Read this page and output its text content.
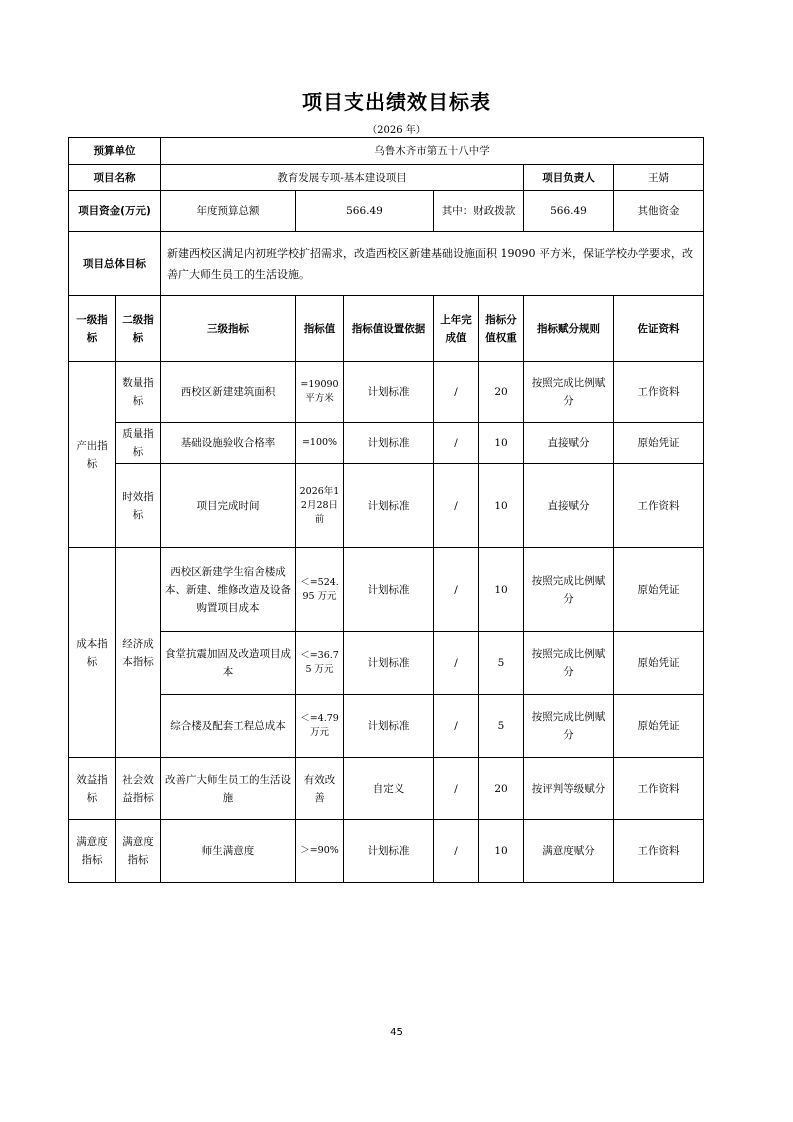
项目支出绩效目标表
（2026 年）
预算单位		乌鲁木齐市第五十八中学						
项目名称		教育发展专项-基本建设项目					项目负责人	王婧
项目资金(万元)		年度预算总额	566.49		其中：财政拨款		566.49	其他资金
项目总体目标		新建西校区满足内初班学校扩招需求，改造西校区新建基础设施面积 19090 平方米，保证学校办学要求，改善广大师生员工的生活设施。						
一级指标	二级指标	三级指标	指标值	指标值设置依据	上年完成值	指标分值权重	指标赋分规则	佐证资料
产出指标	数量指标	西校区新建建筑面积	=19090 平方米	计划标准	/	20	按照完成比例赋分	工作资料
	质量指标	基础设施验收合格率	=100%	计划标准	/	10	直接赋分	原始凭证
	时效指标	项目完成时间	2026年12月28日前	计划标准	/	10	直接赋分	工作资料
成本指标	经济成本指标	西校区新建学生宿舍楼成本、新建、维修改造及设备购置项目成本	＜=524.95 万元	计划标准	/	10	按照完成比例赋分	原始凭证
		食堂抗震加固及改造项目成本	＜=36.75 万元	计划标准	/	5	按照完成比例赋分	原始凭证
		综合楼及配套工程总成本	＜=4.79 万元	计划标准	/	5	按照完成比例赋分	原始凭证
效益指标	社会效益指标	改善广大师生员工的生活设施	有效改善	自定义	/	20	按评判等级赋分	工作资料
满意度指标	满意度指标	师生满意度	＞=90%	计划标准	/	10	满意度赋分	工作资料
45
